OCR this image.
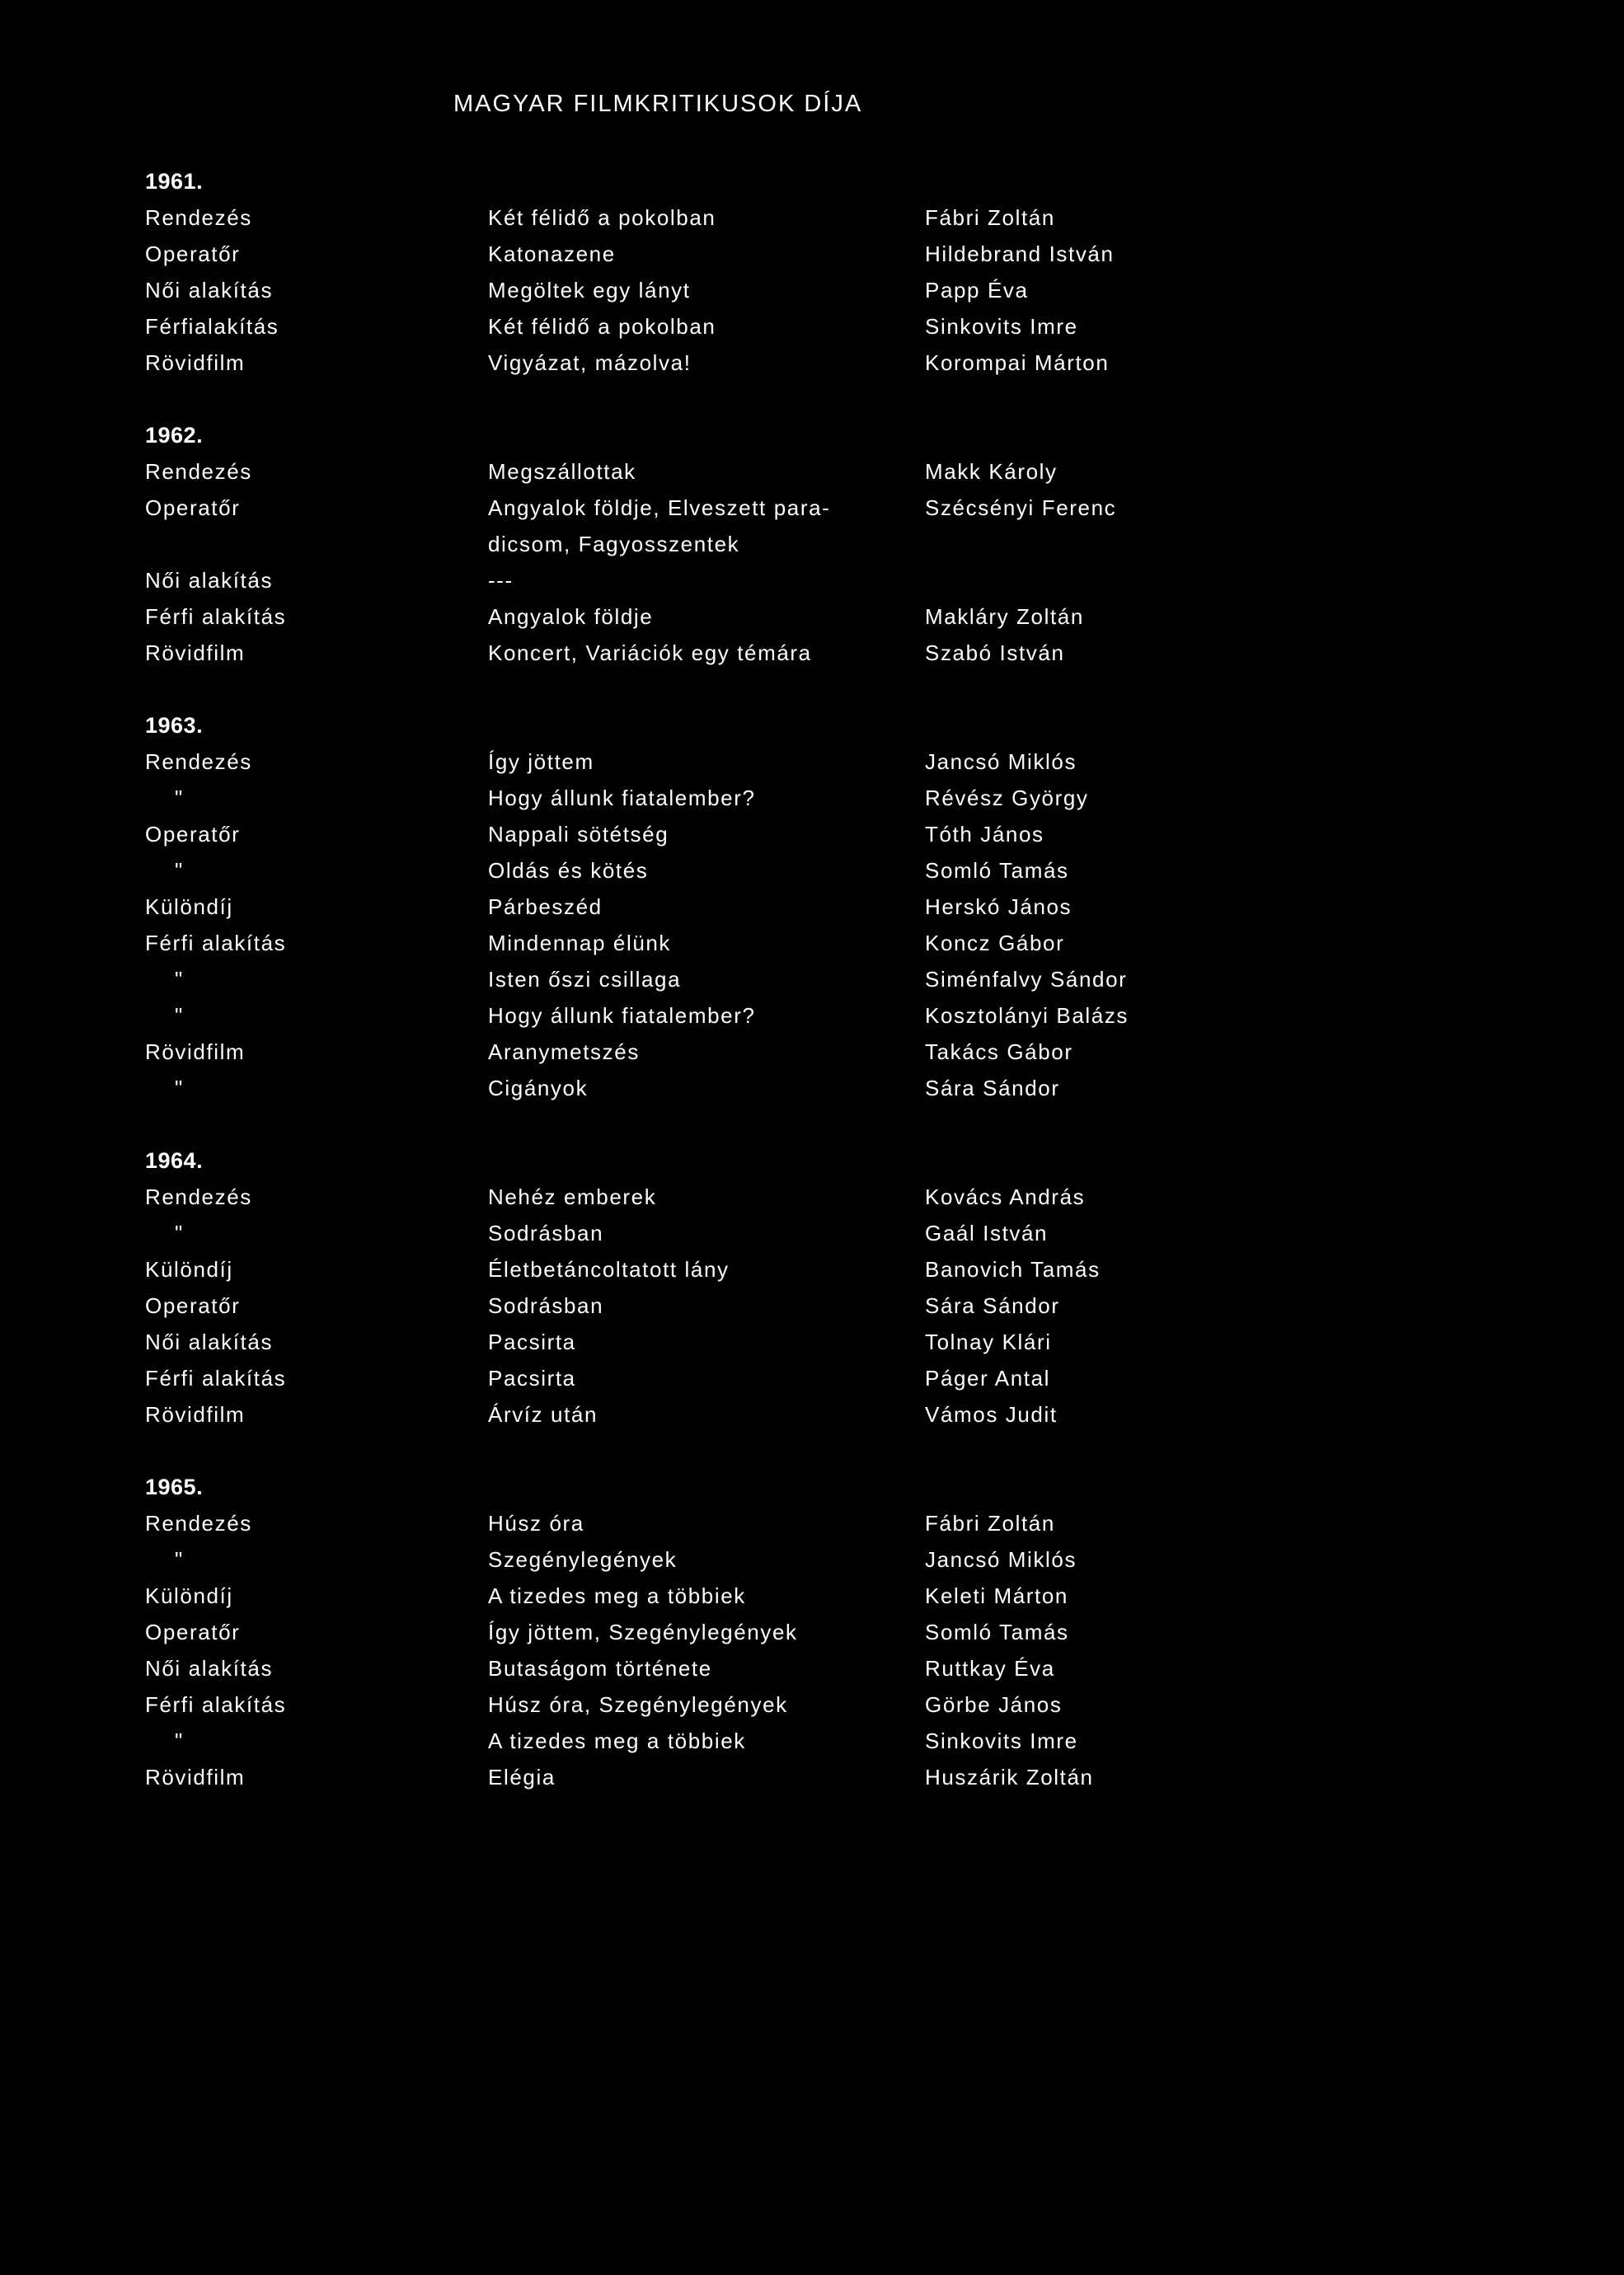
MAGYAR FILMKRITIKUSOK DÍJA
1961.
Rendezés	Két félidő a pokolban	Fábri Zoltán
Operatőr	Katonazene	Hildebrand István
Női alakítás	Megöltek egy lányt	Papp Éva
Férfialakítás	Két félidő a pokolban	Sinkovits Imre
Rövidfilm	Vigyázat, mázolva!	Korompai Márton
1962.
Rendezés	Megszállottak	Makk Károly
Operatőr	Angyalok földje, Elveszett para-	Szécsényi Ferenc
dicsom, Fagyosszentek
Női alakítás	---
Férfi alakítás	Angyalok földje	Makláry Zoltán
Rövidfilm	Koncert, Variációk egy témára	Szabó István
1963.
Rendezés	Így jöttem	Jancsó Miklós
"	Hogy állunk fiatalember?	Révész György
Operatőr	Nappali sötétség	Tóth János
"	Oldás és kötés	Somló Tamás
Különdíj	Párbeszéd	Herskó János
Férfi alakítás	Mindennap élünk	Koncz Gábor
"	Isten őszi csillaga	Siménfalvy Sándor
"	Hogy állunk fiatalember?	Kosztolányi Balázs
Rövidfilm	Aranymetszés	Takács Gábor
"	Cigányok	Sára Sándor
1964.
Rendezés	Nehéz emberek	Kovács András
"	Sodrásban	Gaál István
Különdíj	Életbetáncoltatott lány	Banovich Tamás
Operatőr	Sodrásban	Sára Sándor
Női alakítás	Pacsirta	Tolnay Klári
Férfi alakítás	Pacsirta	Páger Antal
Rövidfilm	Árvíz után	Vámos Judit
1965.
Rendezés	Húsz óra	Fábri Zoltán
"	Szegénylegények	Jancsó Miklós
Különdíj	A tizedes meg a többiek	Keleti Márton
Operatőr	Így jöttem, Szegénylegények	Somló Tamás
Női alakítás	Butaságom története	Ruttkay Éva
Férfi alakítás	Húsz óra, Szegénylegények	Görbe János
"	A tizedes meg a többiek	Sinkovits Imre
Rövidfilm	Elégia	Huszárik Zoltán
